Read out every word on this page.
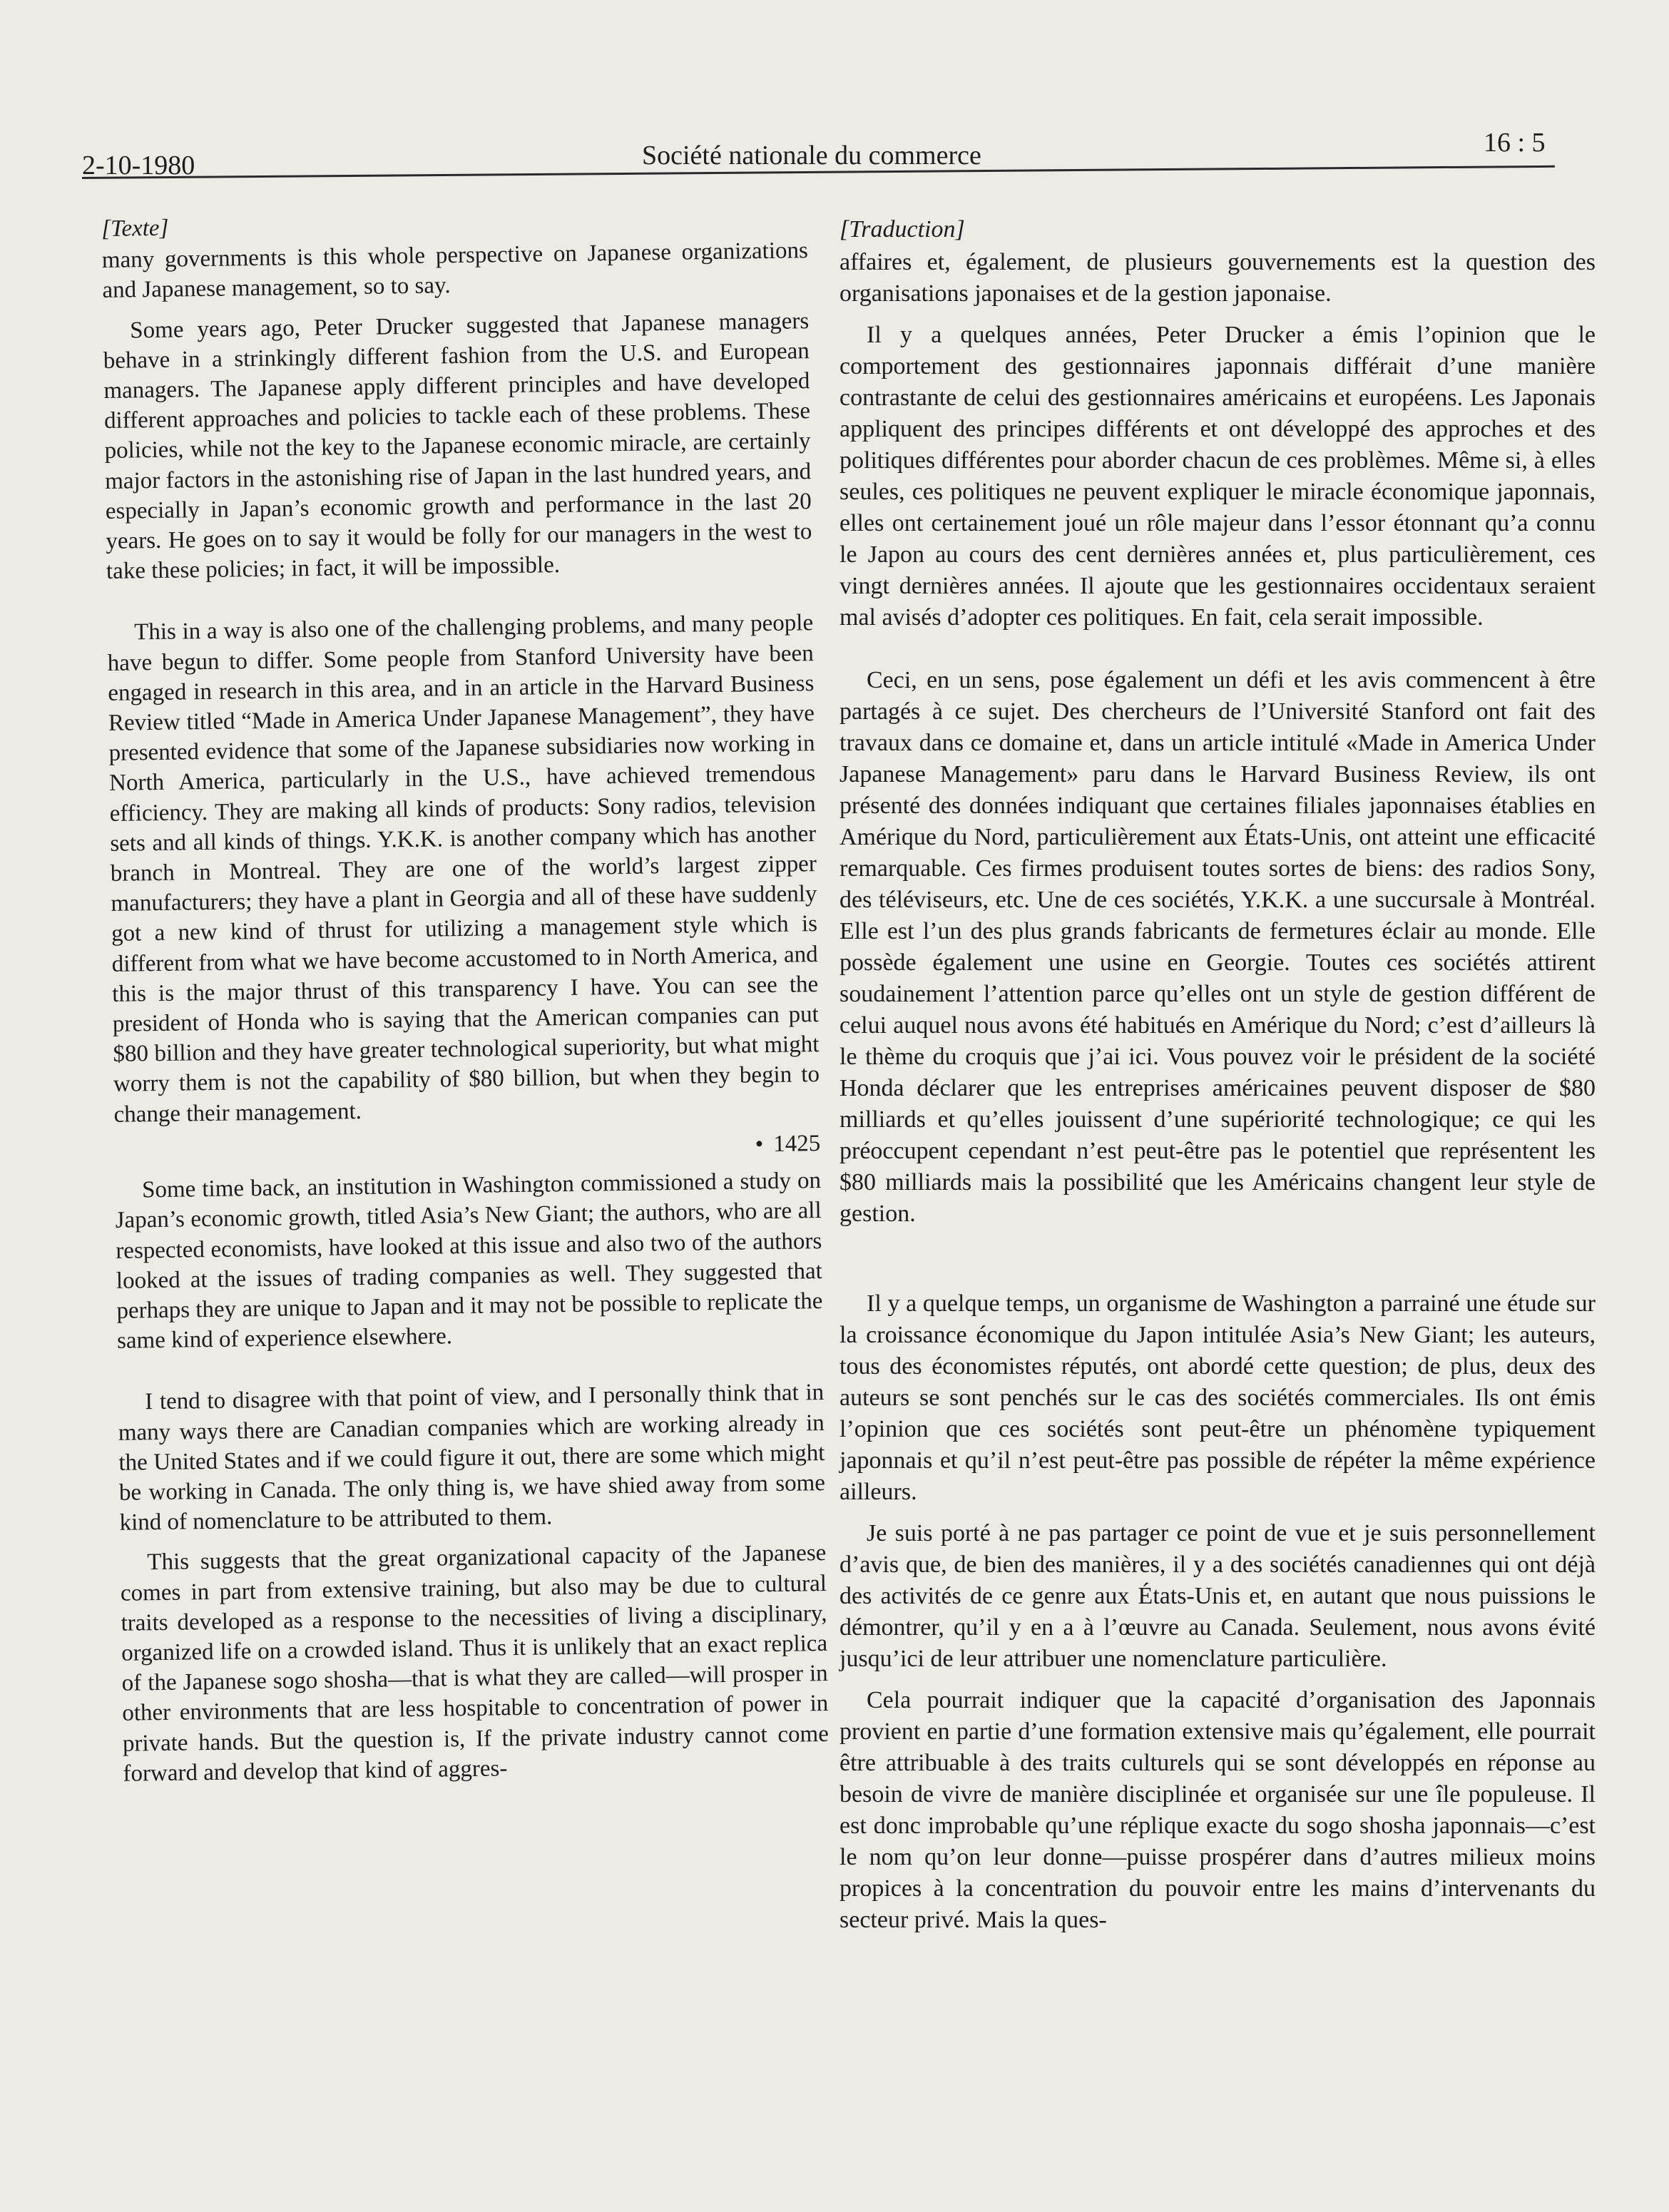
2-10-1980	Société nationale du commerce	16 : 5
[Texte]

many governments is this whole perspective on Japanese organizations and Japanese management, so to say.

Some years ago, Peter Drucker suggested that Japanese managers behave in a strinkingly different fashion from the U.S. and European managers. The Japanese apply different principles and have developed different approaches and policies to tackle each of these problems. These policies, while not the key to the Japanese economic miracle, are certainly major factors in the astonishing rise of Japan in the last hundred years, and especially in Japan’s economic growth and performance in the last 20 years. He goes on to say it would be folly for our managers in the west to take these policies; in fact, it will be impossible.

This in a way is also one of the challenging problems, and many people have begun to differ. Some people from Stanford University have been engaged in research in this area, and in an article in the Harvard Business Review titled “Made in America Under Japanese Management”, they have presented evidence that some of the Japanese subsidiaries now working in North America, particularly in the U.S., have achieved tremendous efficiency. They are making all kinds of products: Sony radios, television sets and all kinds of things. Y.K.K. is another company which has another branch in Montreal. They are one of the world’s largest zipper manufacturers; they have a plant in Georgia and all of these have suddenly got a new kind of thrust for utilizing a management style which is different from what we have become accustomed to in North America, and this is the major thrust of this transparency I have. You can see the president of Honda who is saying that the American companies can put $80 billion and they have greater technological superiority, but what might worry them is not the capability of $80 billion, but when they begin to change their management.

• 1425

Some time back, an institution in Washington commissioned a study on Japan’s economic growth, titled Asia’s New Giant; the authors, who are all respected economists, have looked at this issue and also two of the authors looked at the issues of trading companies as well. They suggested that perhaps they are unique to Japan and it may not be possible to replicate the same kind of experience elsewhere.

I tend to disagree with that point of view, and I personally think that in many ways there are Canadian companies which are working already in the United States and if we could figure it out, there are some which might be working in Canada. The only thing is, we have shied away from some kind of nomenclature to be attributed to them.

This suggests that the great organizational capacity of the Japanese comes in part from extensive training, but also may be due to cultural traits developed as a response to the necessities of living a disciplinary, organized life on a crowded island. Thus it is unlikely that an exact replica of the Japanese sogo shosha—that is what they are called—will prosper in other environments that are less hospitable to concentration of power in private hands. But the question is, If the private industry cannot come forward and develop that kind of aggres-

[Traduction]

affaires et, également, de plusieurs gouvernements est la question des organisations japonaises et de la gestion japonaise.

Il y a quelques années, Peter Drucker a émis l’opinion que le comportement des gestionnaires japonnais différait d’une manière contrastante de celui des gestionnaires américains et européens. Les Japonais appliquent des principes différents et ont développé des approches et des politiques différentes pour aborder chacun de ces problèmes. Même si, à elles seules, ces politiques ne peuvent expliquer le miracle économique japonnais, elles ont certainement joué un rôle majeur dans l’essor étonnant qu’a connu le Japon au cours des cent dernières années et, plus particulièrement, ces vingt dernières années. Il ajoute que les gestionnaires occidentaux seraient mal avisés d’adopter ces politiques. En fait, cela serait impossible.

Ceci, en un sens, pose également un défi et les avis commencent à être partagés à ce sujet. Des chercheurs de l’Université Stanford ont fait des travaux dans ce domaine et, dans un article intitulé «Made in America Under Japanese Management» paru dans le Harvard Business Review, ils ont présenté des données indiquant que certaines filiales japonnaises établies en Amérique du Nord, particulièrement aux États-Unis, ont atteint une efficacité remarquable. Ces firmes produisent toutes sortes de biens: des radios Sony, des téléviseurs, etc. Une de ces sociétés, Y.K.K. a une succursale à Montréal. Elle est l’un des plus grands fabricants de fermetures éclair au monde. Elle possède également une usine en Georgie. Toutes ces sociétés attirent soudainement l’attention parce qu’elles ont un style de gestion différent de celui auquel nous avons été habitués en Amérique du Nord; c’est d’ailleurs là le thème du croquis que j’ai ici. Vous pouvez voir le président de la société Honda déclarer que les entreprises américaines peuvent disposer de $80 milliards et qu’elles jouissent d’une supériorité technologique; ce qui les préoccupent cependant n’est peut-être pas le potentiel que représentent les $80 milliards mais la possibilité que les Américains changent leur style de gestion.

Il y a quelque temps, un organisme de Washington a parrainé une étude sur la croissance économique du Japon intitulée Asia’s New Giant; les auteurs, tous des économistes réputés, ont abordé cette question; de plus, deux des auteurs se sont penchés sur le cas des sociétés commerciales. Ils ont émis l’opinion que ces sociétés sont peut-être un phénomène typiquement japonnais et qu’il n’est peut-être pas possible de répéter la même expérience ailleurs.

Je suis porté à ne pas partager ce point de vue et je suis personnellement d’avis que, de bien des manières, il y a des sociétés canadiennes qui ont déjà des activités de ce genre aux États-Unis et, en autant que nous puissions le démontrer, qu’il y en a à l’œuvre au Canada. Seulement, nous avons évité jusqu’ici de leur attribuer une nomenclature particulière.

Cela pourrait indiquer que la capacité d’organisation des Japonnais provient en partie d’une formation extensive mais qu’également, elle pourrait être attribuable à des traits culturels qui se sont développés en réponse au besoin de vivre de manière disciplinée et organisée sur une île populeuse. Il est donc improbable qu’une réplique exacte du sogo shosha japonnais—c’est le nom qu’on leur donne—puisse prospérer dans d’autres milieux moins propices à la concentration du pouvoir entre les mains d’intervenants du secteur privé. Mais la ques-
